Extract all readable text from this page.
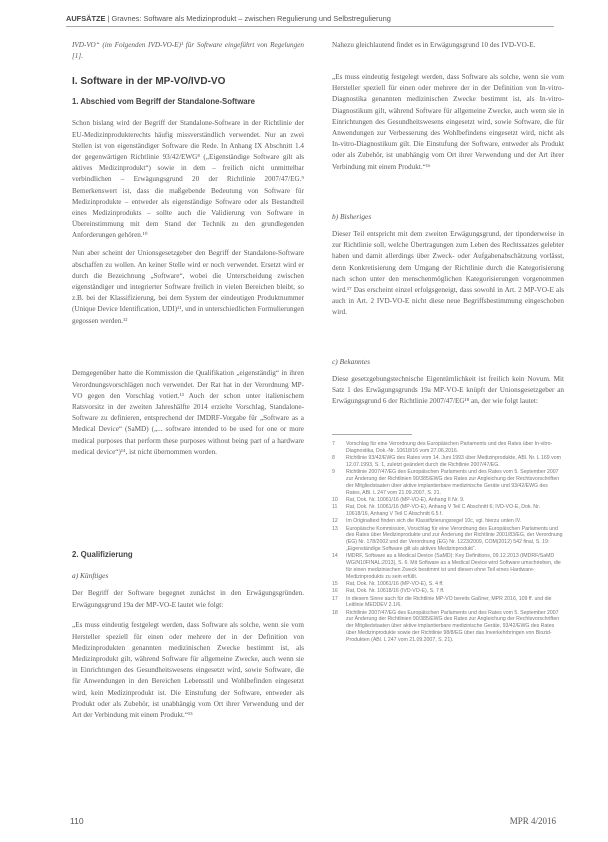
AUFSÄTZE | Gravnes: Software als Medizinprodukt – zwischen Regulierung und Selbstregulierung

IVD-VO“ (im Folgenden IVD-VO-E)¹ für Software eingeführt von Regelungen [1].

I. Software in der MP-VO/IVD-VO
1. Abschied vom Begriff der Standalone-Software

Schon bislang wird der Begriff der Standalone-Software in der Richtlinie der EU-Medizinprodukterechts häufig missverständlich verwendet. Nur an zwei Stellen ist von eigenständiger Software die Rede. In Anhang IX Abschnitt 1.4 der gegenwärtigen Richtlinie 93/42/EWG⁸ („Eigenständige Software gilt als aktives Medizinprodukt“) sowie in dem – freilich nicht unmittelbar verbindlichen – Erwägungsgrund 20 der Richtlinie 2007/47/EG.⁹ Bemerkenswert ist, dass die maßgebende Bedeutung von Software für Medizinprodukte – entweder als eigenständige Software oder als Bestandteil eines Medizinprodukts – sollte auch die Validierung von Software in Übereinstimmung mit dem Stand der Technik zu den grundlegenden Anforderungen gehören.¹⁰

Nun aber scheint der Unionsgesetzgeber den Begriff der Standalone-Software abschaffen zu wollen. An keiner Stelle wird er noch verwendet. Ersetzt wird er durch die Bezeichnung „Software“, wobei die Unterscheidung zwischen eigenständiger und integrierter Software freilich in vielen Bereichen bleibt, so z.B. bei der Klassifizierung, bei dem System der eindeutigen Produktnummer (Unique Device Identification, UDI)¹¹, und in unterschiedlichen Formulierungen gegossen werden.¹²

Demgegenüber hatte die Kommission die Qualifikation „eigenständig“ in ihren Verordnungsvorschlägen noch verwendet. Der Rat hat in der Verordnung MP-VO gegen den Vorschlag votiert.¹³ Auch der schon unter italienischem Ratsvorsitz in der zweiten Jahreshälfte 2014 erzielte Vorschlag, Standalone-Software zu definieren, entsprechend der IMDRF-Vorgabe für „Software as a Medical Device“ (SaMD) („... software intended to be used for one or more medical purposes that perform these purposes without being part of a hardware medical device“)¹⁴, ist nicht übernommen worden.

2. Qualifizierung
a) Künftiges

Der Begriff der Software begegnet zunächst in den Erwägungsgründen. Erwägungsgrund 19a der MP-VO-E lautet wie folgt:

„Es muss eindeutig festgelegt werden, dass Software als solche, wenn sie vom Hersteller speziell für einen oder mehrere der in der Definition von Medizinprodukten genannten medizinischen Zwecke bestimmt ist, als Medizinprodukt gilt, während Software für allgemeine Zwecke, auch wenn sie in Einrichtungen des Gesundheitswesens eingesetzt wird, sowie Software, die für Anwendungen in den Bereichen Lebensstil und Wohlbefinden eingesetzt wird, kein Medizinprodukt ist. Die Einstufung der Software, entweder als Produkt oder als Zubehör, ist unabhängig vom Ort ihrer Verwendung und der Art der Verbindung mit einem Produkt.“¹⁵

Nahezu gleichlautend findet es in Erwägungsgrund 10 des IVD-VO-E.

„Es muss eindeutig festgelegt werden, dass Software als solche, wenn sie vom Hersteller speziell für einen oder mehrere der in der Definition von In-vitro-Diagnostika genannten medizinischen Zwecke bestimmt ist, als In-vitro-Diagnostikum gilt, während Software für allgemeine Zwecke, auch wenn sie in Einrichtungen des Gesundheitswesens eingesetzt wird, sowie Software, die für Anwendungen zur Verbesserung des Wohlbefindens eingesetzt wird, nicht als In-vitro-Diagnostikum gilt. Die Einstufung der Software, entweder als Produkt oder als Zubehör, ist unabhängig vom Ort ihrer Verwendung und der Art ihrer Verbindung mit einem Produkt.“¹⁶

b) Bisheriges

Dieser Teil entspricht mit dem zweiten Erwägungsgrund, der tiponderweise in zur Richtlinie soll, welche Übertragungen zum Leben des Rechtssatzes gelebter haben und damit allerdings über Zweck- oder Aufgabenabschätzung vorlässt, denn Konkretisierung dem Umgang der Richtlinie durch die Kategorisierung nach schon unter den menschenmöglichen Kategorisierungen vorgenommen wird.¹⁷ Das erscheint einzel erfolgsgeneigt, dass sowohl in Art. 2 MP-VO-E als auch in Art. 2 IVD-VO-E nicht diese neue Begriffsbestimmung eingeschoben wird.

c) Bekanntes

Diese gesetzgebungstechnische Eigentümlichkeit ist freilich kein Novum. Mit Satz 1 des Erwägungsgrunds 19a MP-VO-E knüpft der Unionsgesetzgeber an Erwägungsgrund 6 der Richtlinie 2007/47/EG¹⁸ an, der wie folgt lautet:

7	Vorschlag für eine Verordnung des Europäischen Parlaments und des Rates über In-vitro-Diagnostika, Dok.-Nr. 10618/16 vom 27.06.2016.
8	Richtlinie 93/42/EWG des Rates vom 14. Juni 1993 über Medizinprodukte, ABl. Nr. L 169 vom 12.07.1993, S. 1, zuletzt geändert durch die Richtlinie 2007/47/EG.
9	Richtlinie 2007/47/EG des Europäischen Parlaments und des Rates vom 5. September 2007 zur Änderung der Richtlinien 90/385/EWG des Rates zur Angleichung der Rechtsvorschriften der Mitgliedstaaten über aktive implantierbare medizinische Geräte und 93/42/EWG des Rates, ABl. L 247 vom 21.09.2007, S. 21.
10	Rat, Dok. Nr. 10061/16 (MP-VO-E), Anhang II Nr. 9.
11	Rat, Dok. Nr. 10061/16 (MP-VO-E), Anhang V Teil C Abschnitt 6; IVD-VO-E, Dok. Nr. 10618/16, Anhang V Teil C Abschnitt 6.5 f.
12	Im Originaltext finden sich die Klassifizierungsregel 10c, vgl. hierzu unten IV.
13	Europäische Kommission, Vorschlag für eine Verordnung des Europäischen Parlaments und des Rates über Medizinprodukte und zur Änderung der Richtlinie 2001/83/EG, der Verordnung (EG) Nr. 178/2002 und der Verordnung (EG) Nr. 1223/2009, COM(2012) 542 final, S. 19: „Eigenständige Software gilt als aktives Medizinprodukt“.
14	IMDRF, Software as a Medical Device (SaMD): Key Definitions, 09.12.2013 (IMDRF/SaMD WG/N10FINAL:2013), S. 6. Mit Software as a Medical Device wird Software umschrieben, die für einen medizinischen Zweck bestimmt ist und diesen ohne Teil eines Hardware-Medizinprodukts zu sein erfüllt.
15	Rat, Dok. Nr. 10061/16 (MP-VO-E), S. 4 ff.
16	Rat, Dok. Nr. 10618/16 (IVD-VO-E), S. 7 ff.
17	In diesem Sinne auch für die Richtlinie MP-VO bereits Gaßner, MPR 2016, 109 ff. und die Leitlinie MEDDEV 2.1/6.
18	Richtlinie 2007/47/EG des Europäischen Parlaments und des Rates vom 5. September 2007 zur Änderung der Richtlinien 90/385/EWG des Rates zur Angleichung der Rechtsvorschriften der Mitgliedstaaten über aktive implantierbare medizinische Geräte, 93/42/EWG des Rates über Medizinprodukte sowie der Richtlinie 98/8/EG über das Inverkehrbringen von Biozid-Produkten (ABl. L 247 vom 21.09.2007, S. 21).
110	MPR 4/2016
